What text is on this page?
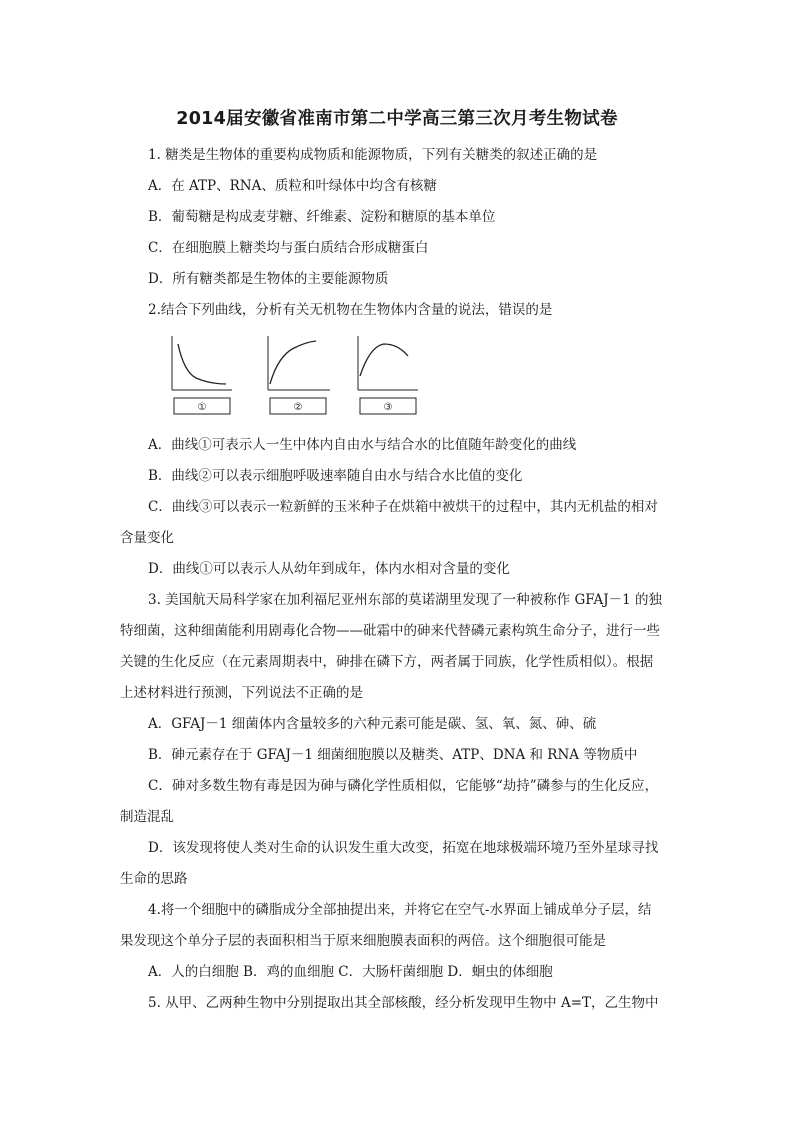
2014届安徽省准南市第二中学高三第三次月考生物试卷
1. 糖类是生物体的重要构成物质和能源物质，下列有关糖类的叙述正确的是
A．在 ATP、RNA、质粒和叶绿体中均含有核糖
B．葡萄糖是构成麦芽糖、纤维素、淀粉和糖原的基本单位
C．在细胞膜上糖类均与蛋白质结合形成糖蛋白
D．所有糖类都是生物体的主要能源物质
2.结合下列曲线，分析有关无机物在生物体内含量的说法，错误的是
①	②	③
A．曲线①可表示人一生中体内自由水与结合水的比值随年龄变化的曲线
B．曲线②可以表示细胞呼吸速率随自由水与结合水比值的变化
C．曲线③可以表示一粒新鲜的玉米种子在烘箱中被烘干的过程中，其内无机盐的相对
含量变化
D．曲线①可以表示人从幼年到成年，体内水相对含量的变化
3. 美国航天局科学家在加利福尼亚州东部的莫诺湖里发现了一种被称作 GFAJ－1 的独
特细菌，这种细菌能利用剧毒化合物——砒霜中的砷来代替磷元素构筑生命分子，进行一些
关键的生化反应（在元素周期表中，砷排在磷下方，两者属于同族，化学性质相似）。根据
上述材料进行预测，下列说法不正确的是
A．GFAJ－1 细菌体内含量较多的六种元素可能是碳、氢、氧、氮、砷、硫
B．砷元素存在于 GFAJ－1 细菌细胞膜以及糖类、ATP、DNA 和 RNA 等物质中
C．砷对多数生物有毒是因为砷与磷化学性质相似，它能够“劫持”磷参与的生化反应，
制造混乱
D．该发现将使人类对生命的认识发生重大改变，拓宽在地球极端环境乃至外星球寻找
生命的思路
4.将一个细胞中的磷脂成分全部抽提出来，并将它在空气-水界面上铺成单分子层，结
果发现这个单分子层的表面积相当于原来细胞膜表面积的两倍。这个细胞很可能是
A．人的白细胞 B．鸡的血细胞 C．大肠杆菌细胞 D．蛔虫的体细胞
5. 从甲、乙两种生物中分别提取出其全部核酸，经分析发现甲生物中 A=T，乙生物中
